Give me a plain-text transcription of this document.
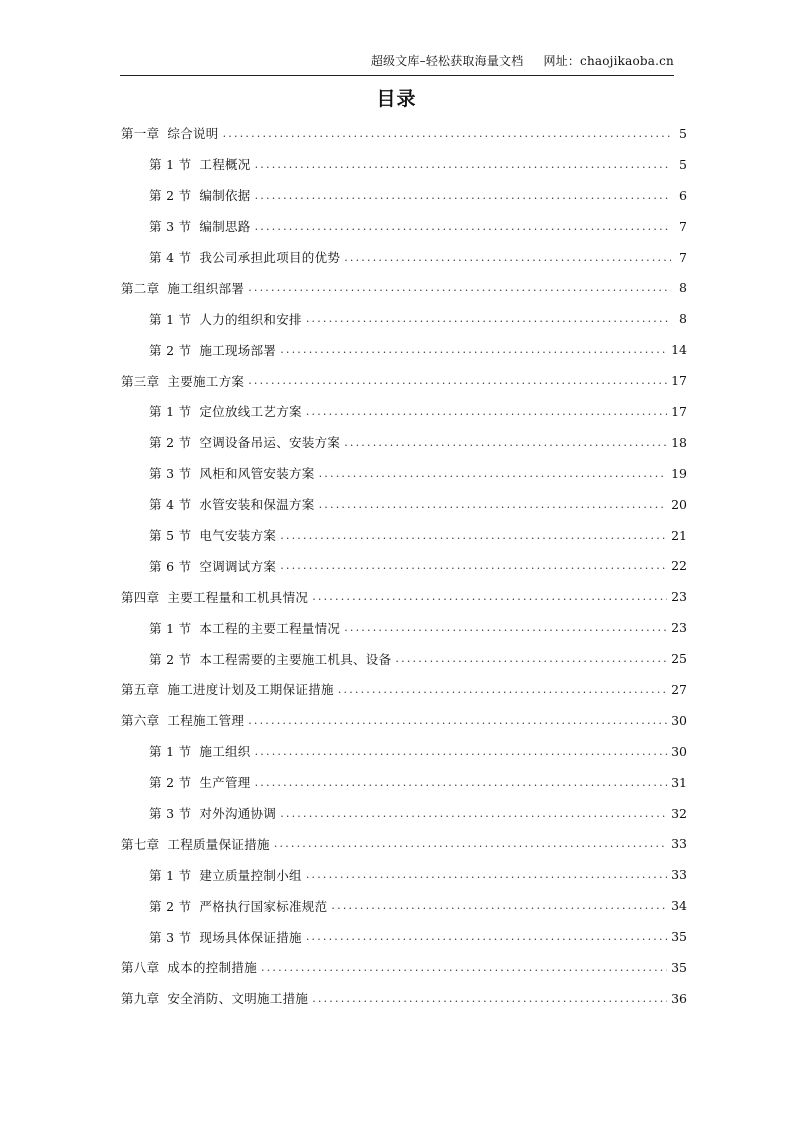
超级文库–轻松获取海量文档 网址：chaojikaoba.cn
目录
第一章 综合说明 .....	5
第 1 节 工程概况 .....	5
第 2 节 编制依据 .....	6
第 3 节 编制思路 .....	7
第 4 节 我公司承担此项目的优势 .....	7
第二章 施工组织部署 .....	8
第 1 节 人力的组织和安排 .....	8
第 2 节 施工现场部署 .....	14
第三章 主要施工方案 .....	17
第 1 节 定位放线工艺方案 .....	17
第 2 节 空调设备吊运、安装方案 .....	18
第 3 节 风柜和风管安装方案 .....	19
第 4 节 水管安装和保温方案 .....	20
第 5 节 电气安装方案 .....	21
第 6 节 空调调试方案 .....	22
第四章 主要工程量和工机具情况 .....	23
第 1 节 本工程的主要工程量情况 .....	23
第 2 节 本工程需要的主要施工机具、设备 .....	25
第五章 施工进度计划及工期保证措施 .....	27
第六章 工程施工管理 .....	30
第 1 节 施工组织 .....	30
第 2 节 生产管理 .....	31
第 3 节 对外沟通协调 .....	32
第七章 工程质量保证措施 .....	33
第 1 节 建立质量控制小组 .....	33
第 2 节 严格执行国家标准规范 .....	34
第 3 节 现场具体保证措施 .....	35
第八章 成本的控制措施 .....	35
第九章 安全消防、文明施工措施 .....	36
